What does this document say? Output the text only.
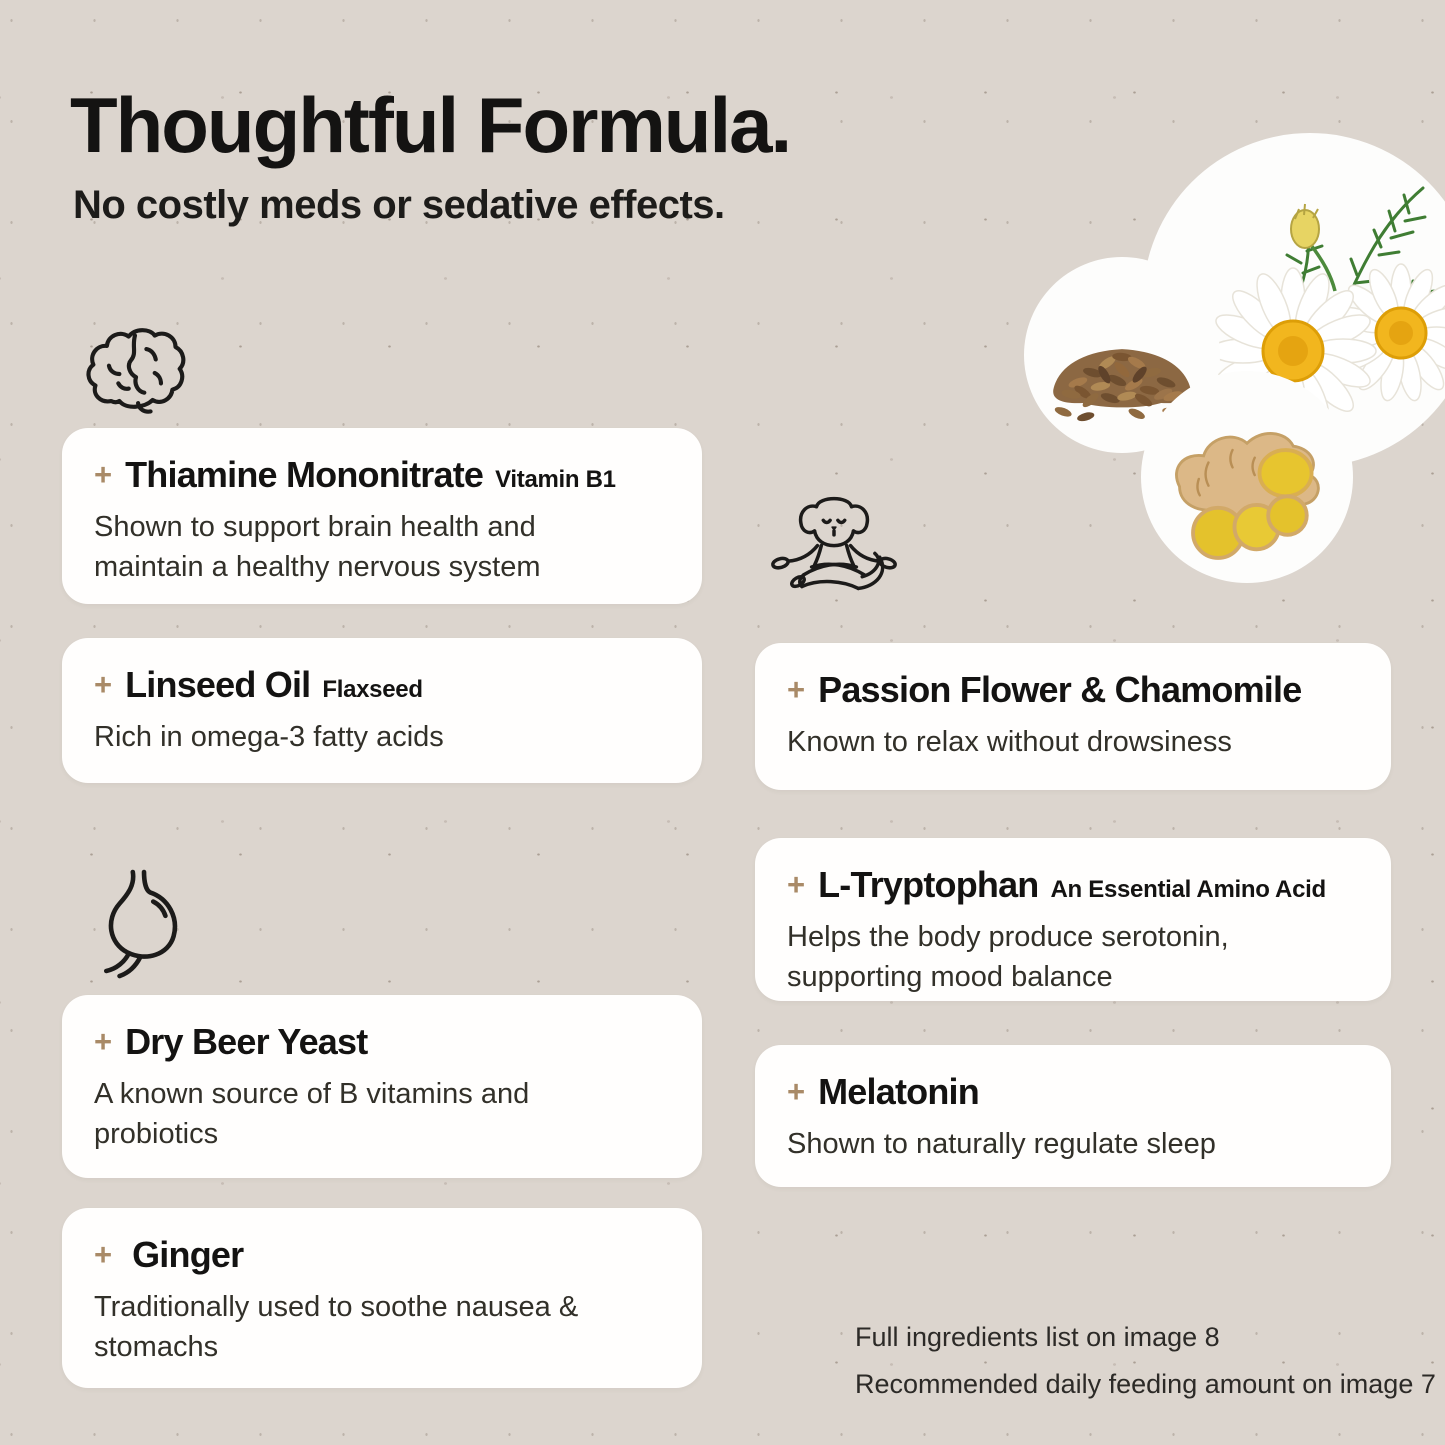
Thoughtful Formula.
No costly meds or sedative effects.
+ Thiamine Mononitrate Vitamin B1
Shown to support brain health and maintain a healthy nervous system
+ Linseed Oil Flaxseed
Rich in omega-3 fatty acids
+ Dry Beer Yeast
A known source of B vitamins and probiotics
+ Ginger
Traditionally used to soothe nausea & stomachs
+ Passion Flower & Chamomile
Known to relax without drowsiness
+ L-Tryptophan An Essential Amino Acid
Helps the body produce serotonin, supporting mood balance
+ Melatonin
Shown to naturally regulate sleep
Full ingredients list on image 8
Recommended daily feeding amount on image 7
